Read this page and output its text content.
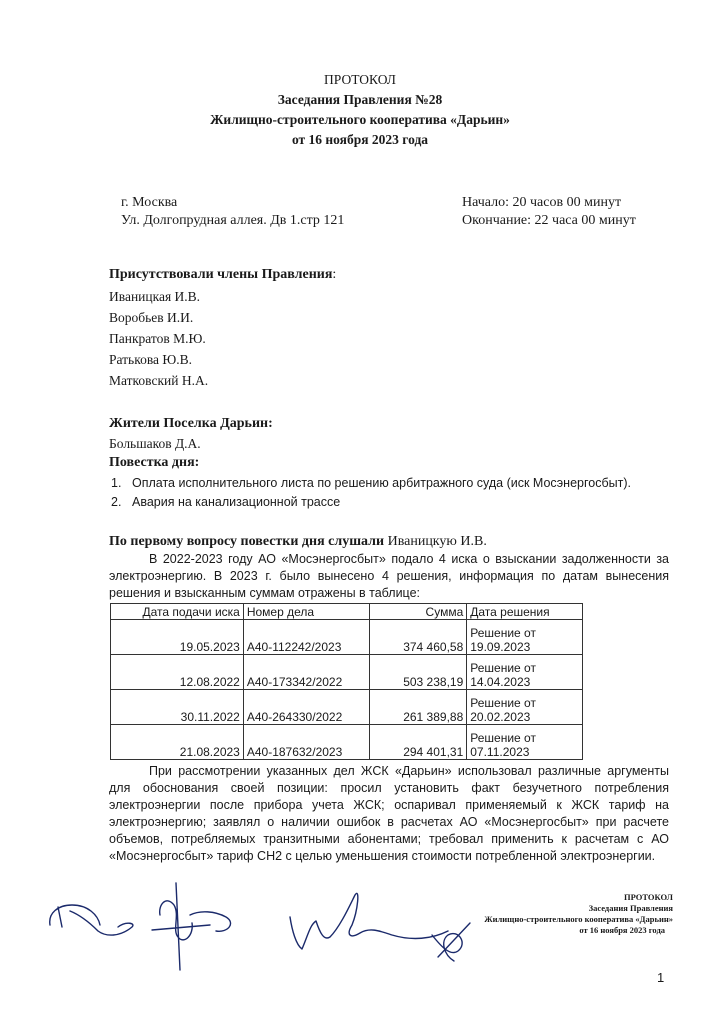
ПРОТОКОЛ
Заседания Правления №28
Жилищно-строительного кооператива «Дарьин»
от 16 ноября 2023 года
г. Москва
Ул. Долгопрудная аллея. Дв 1.стр 121
Начало: 20 часов 00 минут
Окончание: 22 часа 00 минут
Присутствовали члены Правления:
Иваницкая И.В.
Воробьев И.И.
Панкратов М.Ю.
Ратькова Ю.В.
Матковский Н.А.
Жители Поселка Дарьин:
Большаков Д.А.
Повестка дня:
1. Оплата исполнительного листа по решению арбитражного суда (иск Мосэнергосбыт).
2. Авария на канализационной трассе
По первому вопросу повестки дня слушали Иваницкую И.В.
В 2022-2023 году АО «Мосэнергосбыт» подало 4 иска о взыскании задолженности за электроэнергию. В 2023 г. было вынесено 4 решения, информация по датам вынесения решения и взысканным суммам отражены в таблице:
Дата подачи иска	Номер дела	Сумма	Дата решения
19.05.2023	А40-112242/2023	374 460,58	Решение от 19.09.2023
12.08.2022	А40-173342/2022	503 238,19	Решение от 14.04.2023
30.11.2022	А40-264330/2022	261 389,88	Решение от 20.02.2023
21.08.2023	А40-187632/2023	294 401,31	Решение от 07.11.2023
При рассмотрении указанных дел ЖСК «Дарьин» использовал различные аргументы для обоснования своей позиции: просил установить факт безучетного потребления электроэнергии после прибора учета ЖСК; оспаривал применяемый к ЖСК тариф на электроэнергию; заявлял о наличии ошибок в расчетах АО «Мосэнергосбыт» при расчете объемов, потребляемых транзитными абонентами; требовал применить к расчетам с АО «Мосэнергосбыт» тариф СН2 с целью уменьшения стоимости потребленной электроэнергии.
ПРОТОКОЛ
Заседания Правления
Жилищно-строительного кооператива «Дарьин»
от 16 ноября 2023 года
1
